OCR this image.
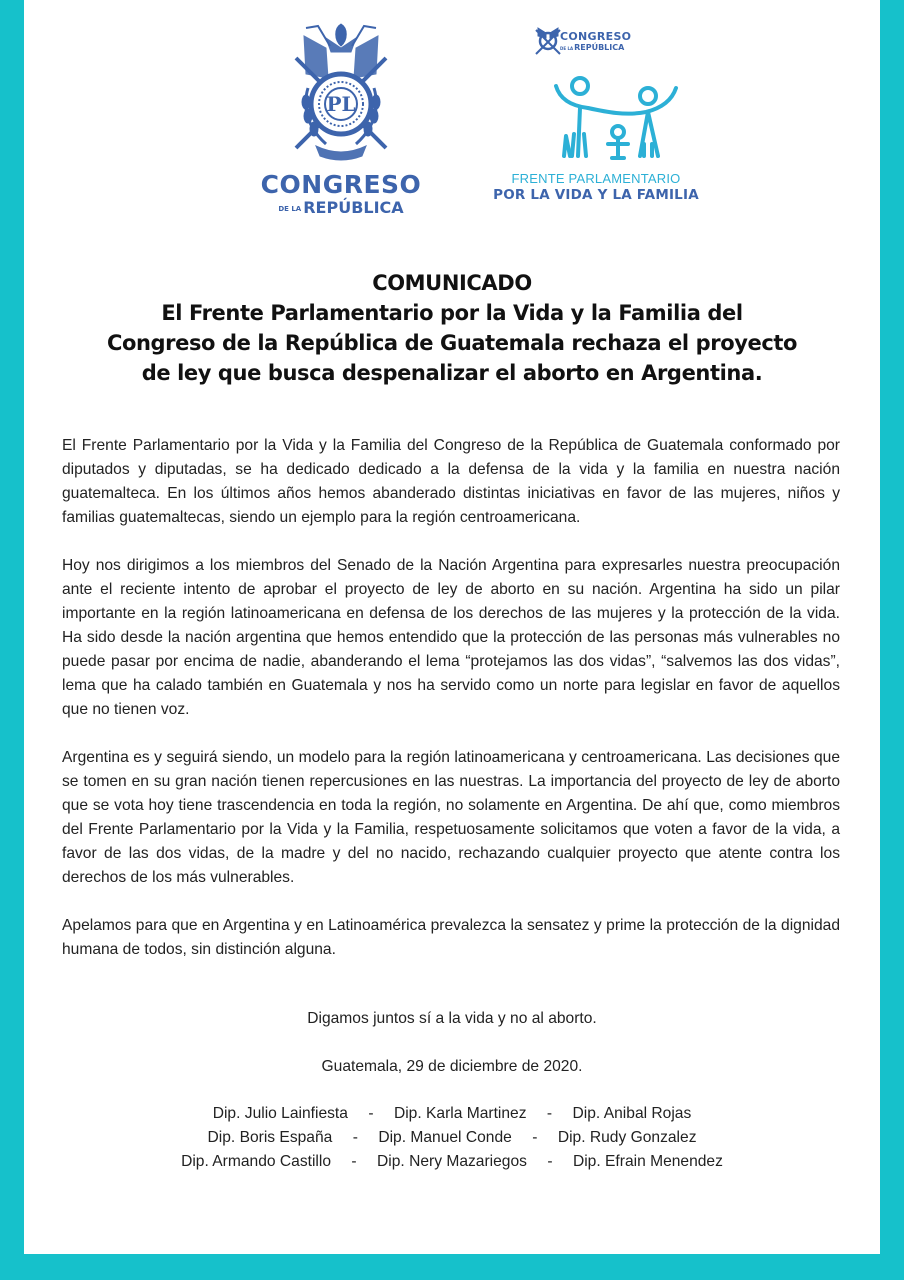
PL
CONGRESO
DE LA REPÚBLICA
CONGRESO
DE LAREPÚBLICA
FRENTE PARLAMENTARIO
POR LA VIDA Y LA FAMILIA
COMUNICADO
El Frente Parlamentario por la Vida y la Familia del
Congreso de la República de Guatemala rechaza el proyecto
de ley que busca despenalizar el aborto en Argentina.

El Frente Parlamentario por la Vida y la Familia del Congreso de la República de Guatemala conformado por diputados y diputadas, se ha dedicado dedicado a la defensa de la vida y la familia en nuestra nación guatemalteca. En los últimos años hemos abanderado distintas iniciativas en favor de las mujeres, niños y familias guatemaltecas, siendo un ejemplo para la región centroamericana.

Hoy nos dirigimos a los miembros del Senado de la Nación Argentina para expresarles nuestra preocupación ante el reciente intento de aprobar el proyecto de ley de aborto en su nación. Argentina ha sido un pilar importante en la región latinoamericana en defensa de los derechos de las mujeres y la protección de la vida. Ha sido desde la nación argentina que hemos entendido que la protección de las personas más vulnerables no puede pasar por encima de nadie, abanderando el lema “protejamos las dos vidas”, “salvemos las dos vidas”, lema que ha calado también en Guatemala y nos ha servido como un norte para legislar en favor de aquellos que no tienen voz.

Argentina es y seguirá siendo, un modelo para la región latinoamericana y centroamericana. Las decisiones que se tomen en su gran nación tienen repercusiones en las nuestras. La importancia del proyecto de ley de aborto que se vota hoy tiene trascendencia en toda la región, no solamente en Argentina. De ahí que, como miembros del Frente Parlamentario por la Vida y la Familia, respetuosamente solicitamos que voten a favor de la vida, a favor de las dos vidas, de la madre y del no nacido, rechazando cualquier proyecto que atente contra los derechos de los más vulnerables.

Apelamos para que en Argentina y en Latinoamérica prevalezca la sensatez y prime la protección de la dignidad humana de todos, sin distinción alguna.

Digamos juntos sí a la vida y no al aborto.
Guatemala, 29 de diciembre de 2020.
Dip. Julio Lainfiesta - Dip. Karla Martinez - Dip. Anibal Rojas
Dip. Boris España - Dip. Manuel Conde - Dip. Rudy Gonzalez
Dip. Armando Castillo - Dip. Nery Mazariegos - Dip. Efrain Menendez
